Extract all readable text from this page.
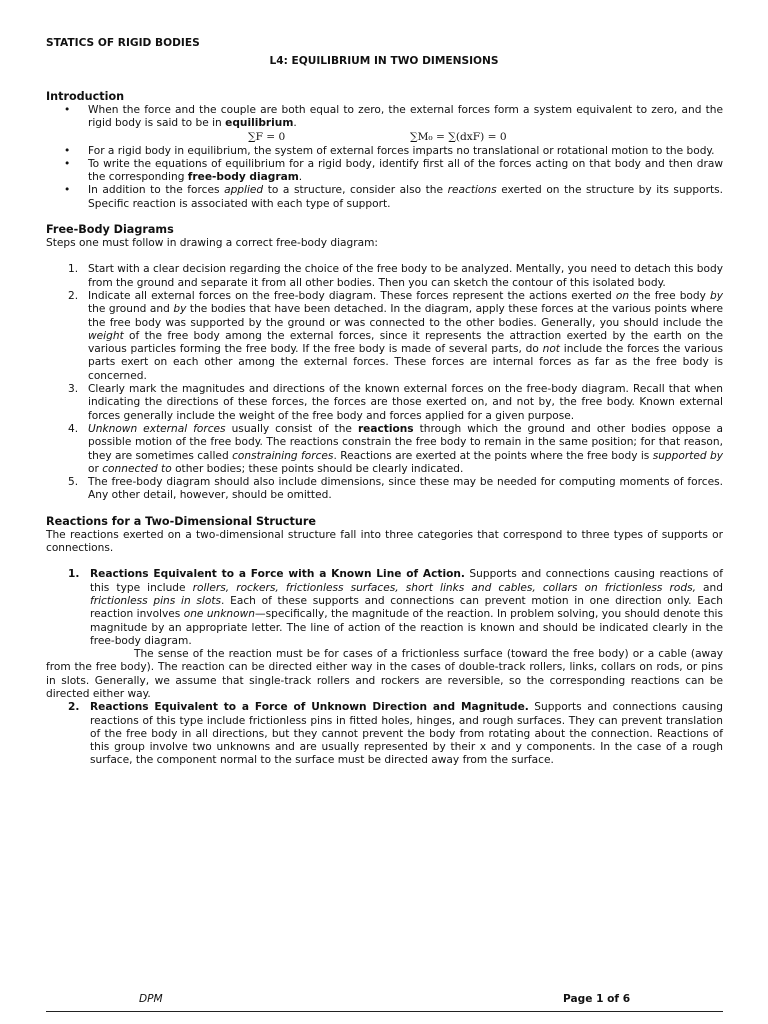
STATICS OF RIGID BODIES
L4: EQUILIBRIUM IN TWO DIMENSIONS
Introduction
• When the force and the couple are both equal to zero, the external forces form a system equivalent to zero, and the rigid body is said to be in equilibrium.
∑F = 0	∑M₀ = ∑(dxF) = 0
• For a rigid body in equilibrium, the system of external forces imparts no translational or rotational motion to the body.
• To write the equations of equilibrium for a rigid body, identify first all of the forces acting on that body and then draw the corresponding free-body diagram.
• In addition to the forces applied to a structure, consider also the reactions exerted on the structure by its supports. Specific reaction is associated with each type of support.
Free-Body Diagrams

Steps one must follow in drawing a correct free-body diagram:

1. Start with a clear decision regarding the choice of the free body to be analyzed. Mentally, you need to detach this body from the ground and separate it from all other bodies. Then you can sketch the contour of this isolated body.
2. Indicate all external forces on the free-body diagram. These forces represent the actions exerted on the free body by the ground and by the bodies that have been detached. In the diagram, apply these forces at the various points where the free body was supported by the ground or was connected to the other bodies. Generally, you should include the weight of the free body among the external forces, since it represents the attraction exerted by the earth on the various particles forming the free body. If the free body is made of several parts, do not include the forces the various parts exert on each other among the external forces. These forces are internal forces as far as the free body is concerned.
3. Clearly mark the magnitudes and directions of the known external forces on the free-body diagram. Recall that when indicating the directions of these forces, the forces are those exerted on, and not by, the free body. Known external forces generally include the weight of the free body and forces applied for a given purpose.
4. Unknown external forces usually consist of the reactions through which the ground and other bodies oppose a possible motion of the free body. The reactions constrain the free body to remain in the same position; for that reason, they are sometimes called constraining forces. Reactions are exerted at the points where the free body is supported by or connected to other bodies; these points should be clearly indicated.
5. The free-body diagram should also include dimensions, since these may be needed for computing moments of forces. Any other detail, however, should be omitted.
Reactions for a Two-Dimensional Structure

The reactions exerted on a two-dimensional structure fall into three categories that correspond to three types of supports or connections.

1. Reactions Equivalent to a Force with a Known Line of Action. Supports and connections causing reactions of this type include rollers, rockers, frictionless surfaces, short links and cables, collars on frictionless rods, and frictionless pins in slots. Each of these supports and connections can prevent motion in one direction only. Each reaction involves one unknown—specifically, the magnitude of the reaction. In problem solving, you should denote this magnitude by an appropriate letter. The line of action of the reaction is known and should be indicated clearly in the free-body diagram.
The sense of the reaction must be for cases of a frictionless surface (toward the free body) or a cable (away from the free body). The reaction can be directed either way in the cases of double-track rollers, links, collars on rods, or pins in slots. Generally, we assume that single-track rollers and rockers are reversible, so the corresponding reactions can be directed either way.
2. Reactions Equivalent to a Force of Unknown Direction and Magnitude. Supports and connections causing reactions of this type include frictionless pins in fitted holes, hinges, and rough surfaces. They can prevent translation of the free body in all directions, but they cannot prevent the body from rotating about the connection. Reactions of this group involve two unknowns and are usually represented by their x and y components. In the case of a rough surface, the component normal to the surface must be directed away from the surface.
DPM	Page 1 of 6
